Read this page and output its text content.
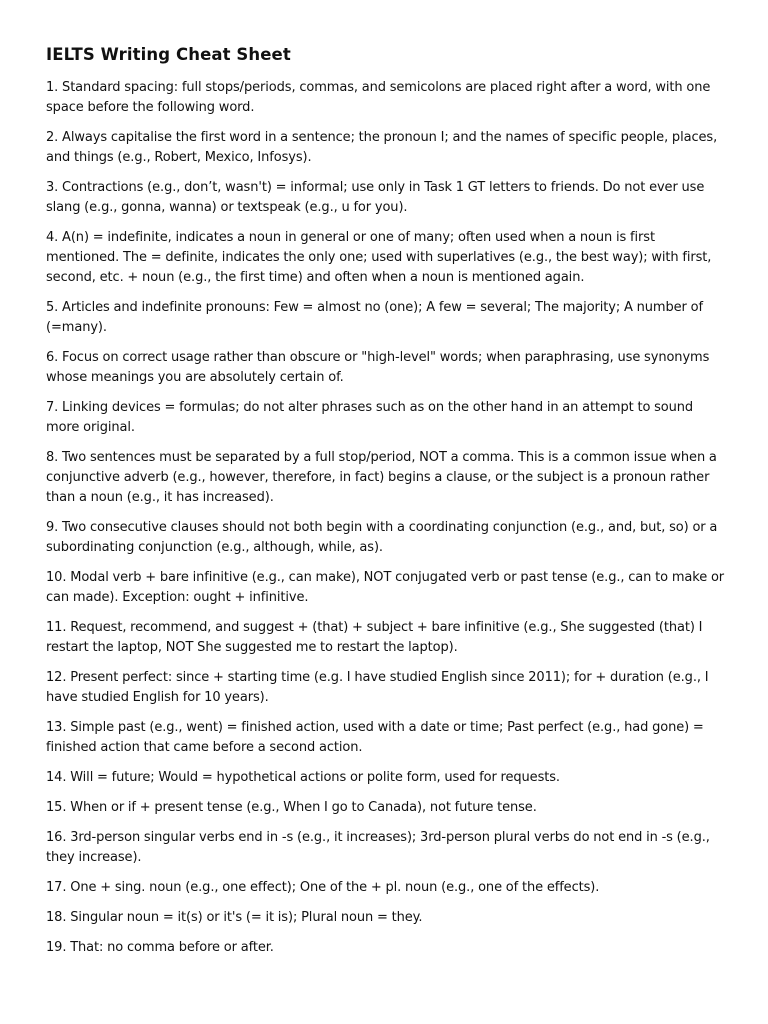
IELTS Writing Cheat Sheet
1. Standard spacing: full stops/periods, commas, and semicolons are placed right after a word, with one space before the following word.
2. Always capitalise the first word in a sentence; the pronoun I; and the names of specific people, places, and things (e.g., Robert, Mexico, Infosys).
3. Contractions (e.g., don’t, wasn't) = informal; use only in Task 1 GT letters to friends. Do not ever use slang (e.g., gonna, wanna) or textspeak (e.g., u for you).
4. A(n) = indefinite, indicates a noun in general or one of many; often used when a noun is first mentioned. The = definite, indicates the only one; used with superlatives (e.g., the best way); with first, second, etc. + noun (e.g., the first time) and often when a noun is mentioned again.
5. Articles and indefinite pronouns: Few = almost no (one); A few = several; The majority; A number of (=many).
6. Focus on correct usage rather than obscure or "high-level" words; when paraphrasing, use synonyms whose meanings you are absolutely certain of.
7. Linking devices = formulas; do not alter phrases such as on the other hand in an attempt to sound more original.
8. Two sentences must be separated by a full stop/period, NOT a comma. This is a common issue when a conjunctive adverb (e.g., however, therefore, in fact) begins a clause, or the subject is a pronoun rather than a noun (e.g., it has increased).
9. Two consecutive clauses should not both begin with a coordinating conjunction (e.g., and, but, so) or a subordinating conjunction (e.g., although, while, as).
10. Modal verb + bare infinitive (e.g., can make), NOT conjugated verb or past tense (e.g., can to make or can made). Exception: ought + infinitive.
11. Request, recommend, and suggest + (that) + subject + bare infinitive (e.g., She suggested (that) I restart the laptop, NOT She suggested me to restart the laptop).
12. Present perfect: since + starting time (e.g. I have studied English since 2011); for + duration (e.g., I have studied English for 10 years).
13. Simple past (e.g., went) = finished action, used with a date or time; Past perfect (e.g., had gone) = finished action that came before a second action.
14. Will = future; Would = hypothetical actions or polite form, used for requests.
15. When or if + present tense (e.g., When I go to Canada), not future tense.
16. 3rd-person singular verbs end in -s (e.g., it increases); 3rd-person plural verbs do not end in -s (e.g., they increase).
17. One + sing. noun (e.g., one effect); One of the + pl. noun (e.g., one of the effects).
18. Singular noun = it(s) or it's (= it is); Plural noun = they.
19. That: no comma before or after.
